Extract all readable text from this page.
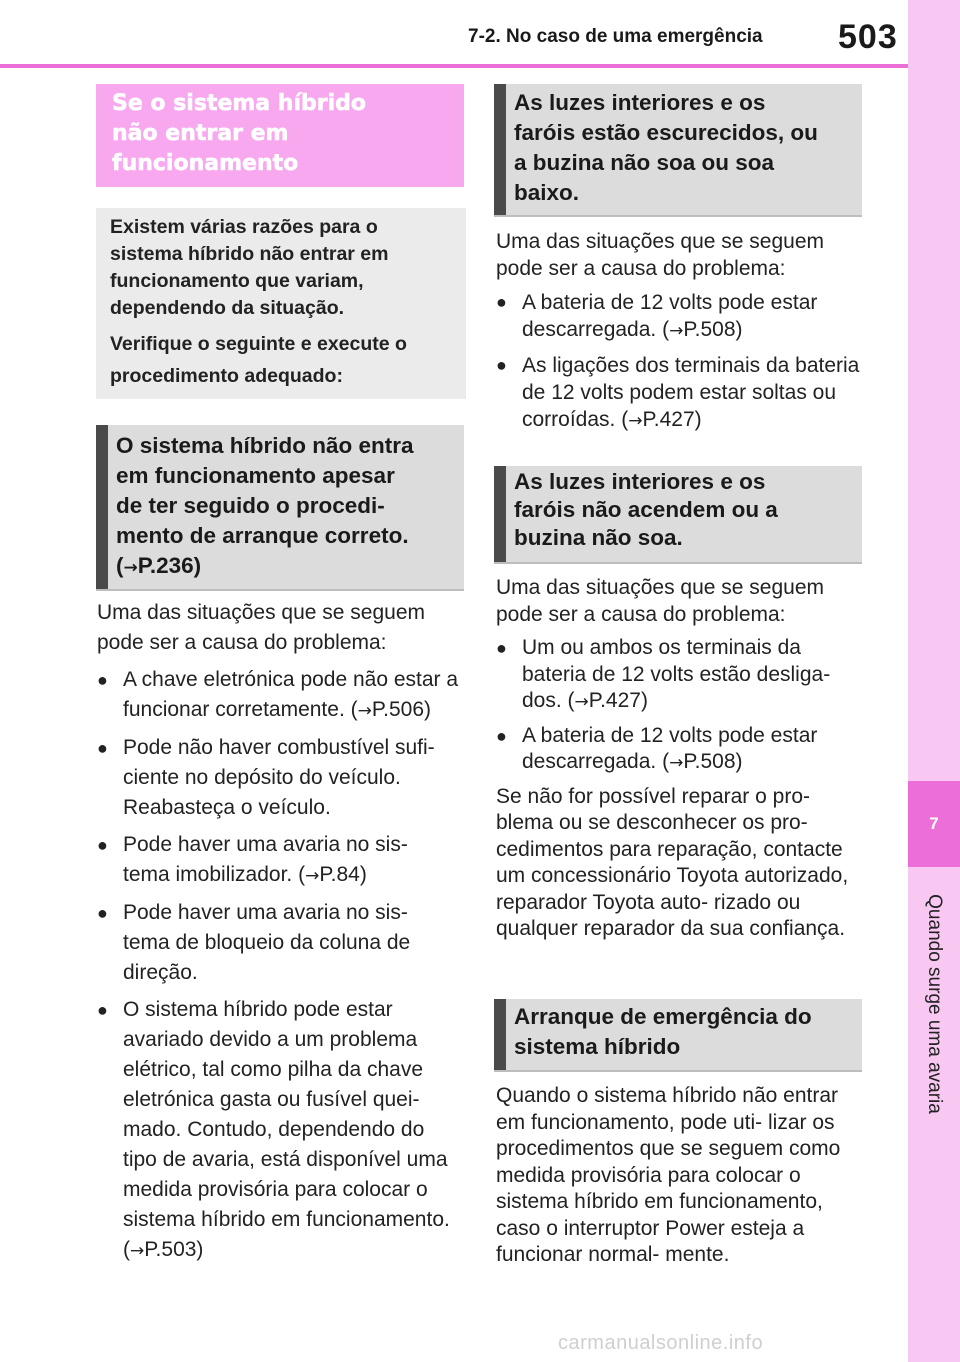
7-2. No caso de uma emergência 503
7
Quando surge uma avaria
Se o sistema híbrido
não entrar em
funcionamento

Existem várias razões para o sistema híbrido não entrar em funcionamento que variam, dependendo da situação.

Verifique o seguinte e execute o procedimento adequado:

O sistema híbrido não entra
em funcionamento apesar
de ter seguido o procedi-
mento de arranque correto.
(→P.236)

Uma das situações que se seguem pode ser a causa do problema:

● A chave eletrónica pode não estar a funcionar corretamente. (→P.506)
● Pode não haver combustível sufi- ciente no depósito do veículo. Reabasteça o veículo.
● Pode haver uma avaria no sis- tema imobilizador. (→P.84)
● Pode haver uma avaria no sis- tema de bloqueio da coluna de direção.
● O sistema híbrido pode estar avariado devido a um problema elétrico, tal como pilha da chave eletrónica gasta ou fusível quei- mado. Contudo, dependendo do tipo de avaria, está disponível uma medida provisória para colocar o sistema híbrido em funcionamento. (→P.503)
As luzes interiores e os
faróis estão escurecidos, ou
a buzina não soa ou soa
baixo.

Uma das situações que se seguem pode ser a causa do problema:

● A bateria de 12 volts pode estar descarregada. (→P.508)
● As ligações dos terminais da bateria de 12 volts podem estar soltas ou corroídas. (→P.427)
As luzes interiores e os
faróis não acendem ou a
buzina não soa.

Uma das situações que se seguem pode ser a causa do problema:

● Um ou ambos os terminais da bateria de 12 volts estão desliga- dos. (→P.427)
● A bateria de 12 volts pode estar descarregada. (→P.508)

Se não for possível reparar o pro- blema ou se desconhecer os pro- cedimentos para reparação, contacte um concessionário Toyota autorizado, reparador Toyota auto- rizado ou qualquer reparador da sua confiança.

Arranque de emergência do
sistema híbrido

Quando o sistema híbrido não entrar em funcionamento, pode uti- lizar os procedimentos que se seguem como medida provisória para colocar o sistema híbrido em funcionamento, caso o interruptor Power esteja a funcionar normal- mente.

carmanualsonline.info
